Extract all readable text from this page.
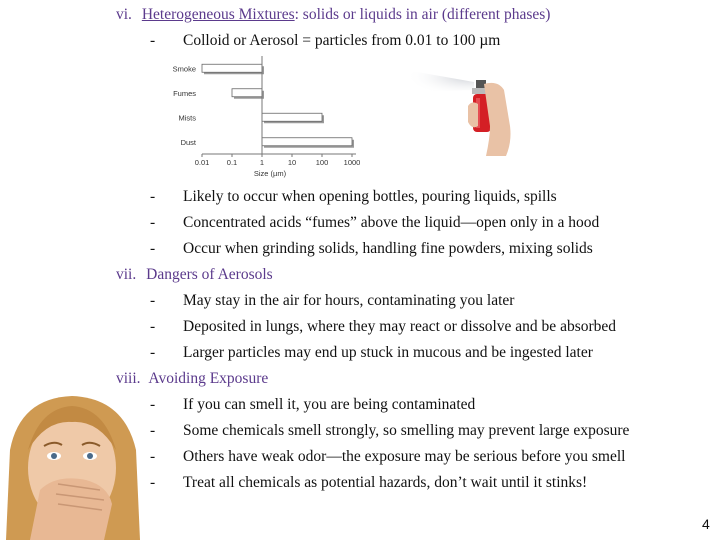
vi. Heterogeneous Mixtures: solids or liquids in air (different phases)
- Colloid or Aerosol = particles from 0.01 to 100 µm
Smoke
Fumes
Mists
Dust
0.01 0.1	1	10	100 1000
Size (µm)
- Likely to occur when opening bottles, pouring liquids, spills
- Concentrated acids “fumes” above the liquid—open only in a hood
- Occur when grinding solids, handling fine powders, mixing solids
vii. Dangers of Aerosols
- May stay in the air for hours, contaminating you later
- Deposited in lungs, where they may react or dissolve and be absorbed
- Larger particles may end up stuck in mucous and be ingested later
viii. Avoiding Exposure
- If you can smell it, you are being contaminated
- Some chemicals smell strongly, so smelling may prevent large exposure
- Others have weak odor—the exposure may be serious before you smell
- Treat all chemicals as potential hazards, don’t wait until it stinks!
4
